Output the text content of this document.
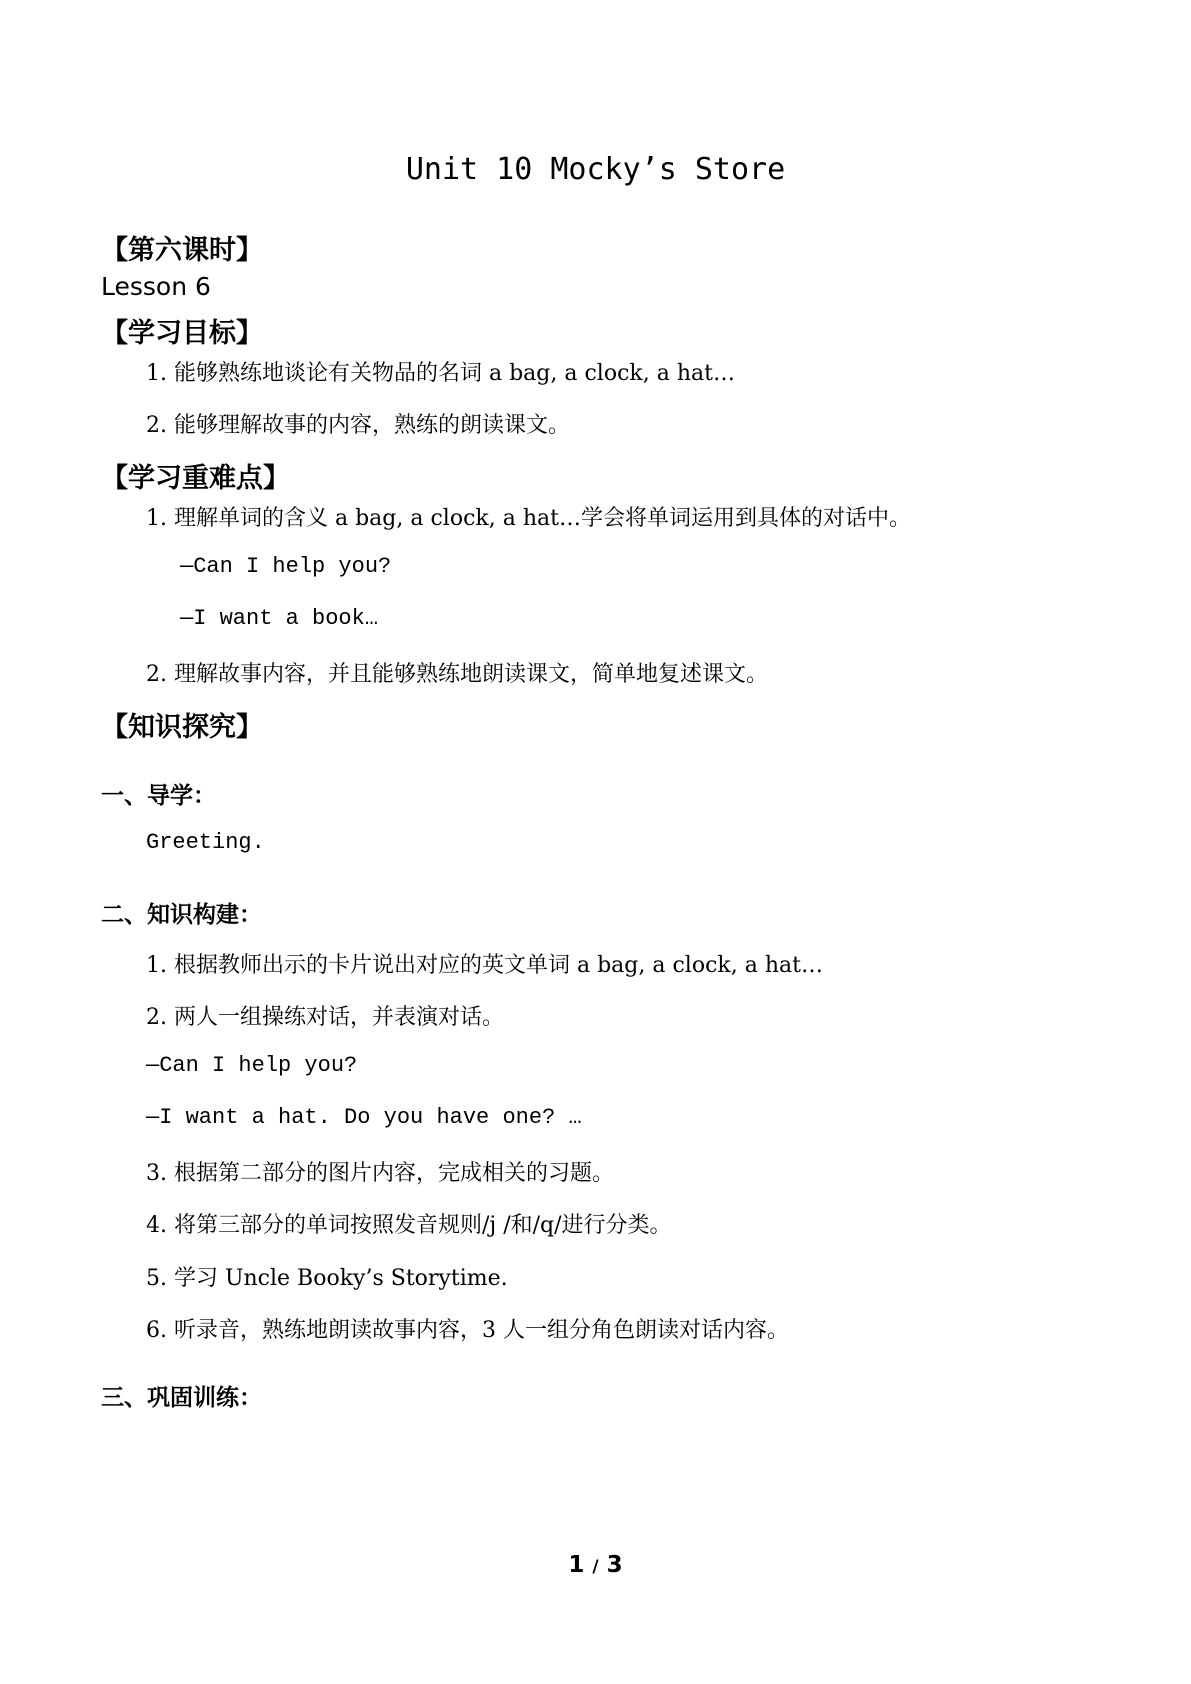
Unit 10 Mocky’s Store
【第六课时】
Lesson 6
【学习目标】
1. 能够熟练地谈论有关物品的名词 a bag, a clock, a hat…
2. 能够理解故事的内容，熟练的朗读课文。
【学习重难点】
1. 理解单词的含义 a bag, a clock, a hat…学会将单词运用到具体的对话中。
—Can I help you?
—I want a book…
2. 理解故事内容，并且能够熟练地朗读课文，简单地复述课文。
【知识探究】
一、导学：
Greeting.
二、知识构建：
1. 根据教师出示的卡片说出对应的英文单词 a bag, a clock, a hat…
2. 两人一组操练对话，并表演对话。
—Can I help you?
—I want a hat. Do you have one? …
3. 根据第二部分的图片内容，完成相关的习题。
4. 将第三部分的单词按照发音规则/j /和/q/进行分类。
5. 学习 Uncle Booky’s Storytime.
6. 听录音，熟练地朗读故事内容，3 人一组分角色朗读对话内容。
三、巩固训练：
1 / 3
